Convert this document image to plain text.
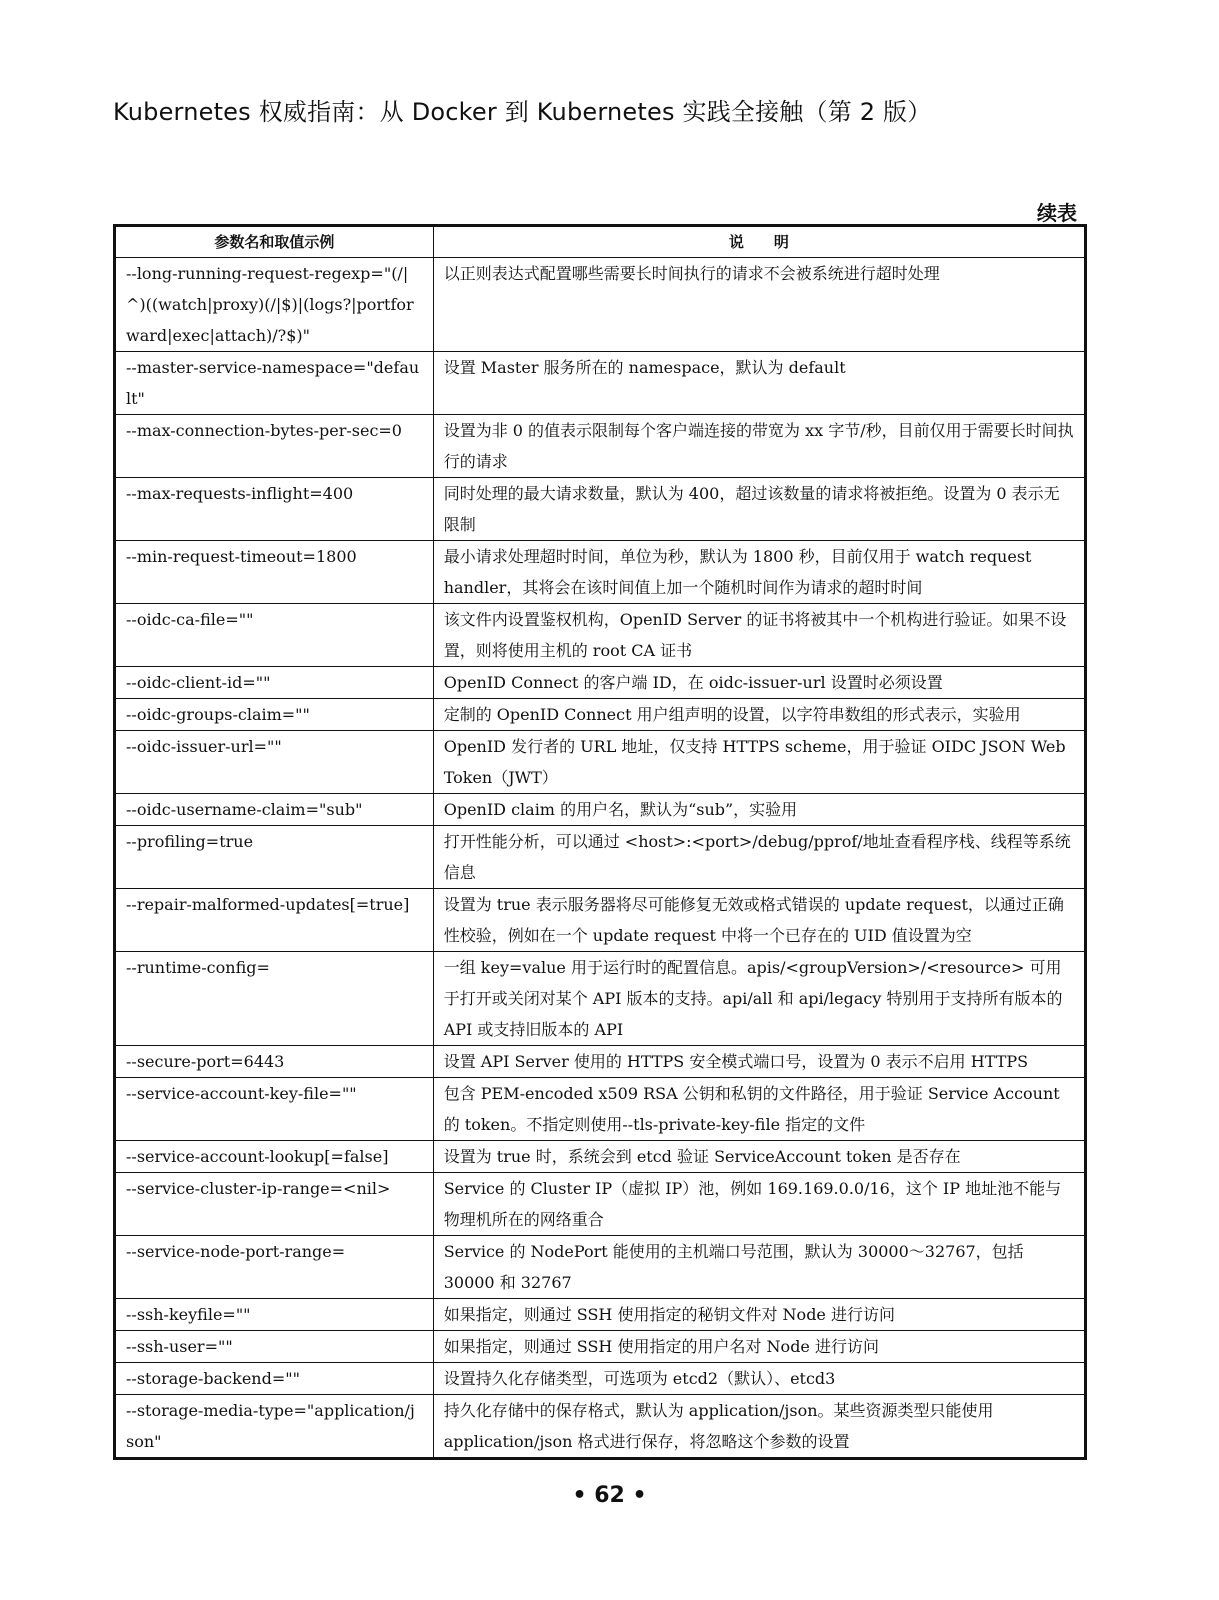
Kubernetes 权威指南：从 Docker 到 Kubernetes 实践全接触（第 2 版）
续表
参数名和取值示例	说　　明
--long-running-request-regexp="(/|^)((watch|proxy)(/|$)|(logs?|portforward|exec|attach)/?$)"	以正则表达式配置哪些需要长时间执行的请求不会被系统进行超时处理
--master-service-namespace="default"	设置 Master 服务所在的 namespace，默认为 default
--max-connection-bytes-per-sec=0	设置为非 0 的值表示限制每个客户端连接的带宽为 xx 字节/秒，目前仅用于需要长时间执行的请求
--max-requests-inflight=400	同时处理的最大请求数量，默认为 400，超过该数量的请求将被拒绝。设置为 0 表示无限制
--min-request-timeout=1800	最小请求处理超时时间，单位为秒，默认为 1800 秒，目前仅用于 watch request handler，其将会在该时间值上加一个随机时间作为请求的超时时间
--oidc-ca-file=""	该文件内设置鉴权机构，OpenID Server 的证书将被其中一个机构进行验证。如果不设置，则将使用主机的 root CA 证书
--oidc-client-id=""	OpenID Connect 的客户端 ID，在 oidc-issuer-url 设置时必须设置
--oidc-groups-claim=""	定制的 OpenID Connect 用户组声明的设置，以字符串数组的形式表示，实验用
--oidc-issuer-url=""	OpenID 发行者的 URL 地址，仅支持 HTTPS scheme，用于验证 OIDC JSON Web Token（JWT）
--oidc-username-claim="sub"	OpenID claim 的用户名，默认为“sub”，实验用
--profiling=true	打开性能分析，可以通过 <host>:<port>/debug/pprof/地址查看程序栈、线程等系统信息
--repair-malformed-updates[=true]	设置为 true 表示服务器将尽可能修复无效或格式错误的 update request，以通过正确性校验，例如在一个 update request 中将一个已存在的 UID 值设置为空
--runtime-config=	一组 key=value 用于运行时的配置信息。apis/<groupVersion>/<resource> 可用于打开或关闭对某个 API 版本的支持。api/all 和 api/legacy 特别用于支持所有版本的 API 或支持旧版本的 API
--secure-port=6443	设置 API Server 使用的 HTTPS 安全模式端口号，设置为 0 表示不启用 HTTPS
--service-account-key-file=""	包含 PEM-encoded x509 RSA 公钥和私钥的文件路径，用于验证 Service Account 的 token。不指定则使用--tls-private-key-file 指定的文件
--service-account-lookup[=false]	设置为 true 时，系统会到 etcd 验证 ServiceAccount token 是否存在
--service-cluster-ip-range=<nil>	Service 的 Cluster IP（虚拟 IP）池，例如 169.169.0.0/16，这个 IP 地址池不能与物理机所在的网络重合
--service-node-port-range=	Service 的 NodePort 能使用的主机端口号范围，默认为 30000～32767，包括 30000 和 32767
--ssh-keyfile=""	如果指定，则通过 SSH 使用指定的秘钥文件对 Node 进行访问
--ssh-user=""	如果指定，则通过 SSH 使用指定的用户名对 Node 进行访问
--storage-backend=""	设置持久化存储类型，可选项为 etcd2（默认）、etcd3
--storage-media-type="application/json"	持久化存储中的保存格式，默认为 application/json。某些资源类型只能使用 application/json 格式进行保存，将忽略这个参数的设置
• 62 •
